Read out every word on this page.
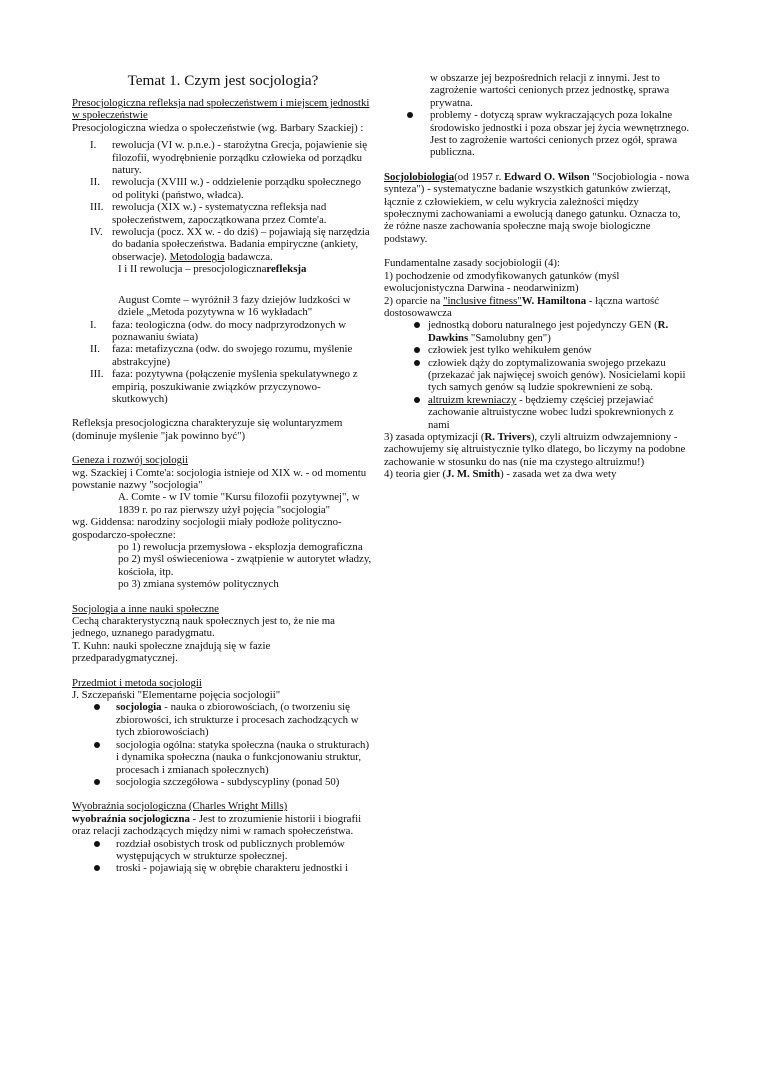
Temat 1. Czym jest socjologia?

Presocjologiczna refleksja nad społeczeństwem i miejscem jednostki w społeczeństwie

Presocjologiczna wiedza o społeczeństwie (wg. Barbary Szackiej) :

I.	rewolucja (VI w. p.n.e.) - starożytna Grecja, pojawienie się filozofii, wyodrębnienie porządku człowieka od porządku natury.
II.	rewolucja (XVIII w.) - oddzielenie porządku społecznego od polityki (państwo, władca).
III. rewolucja (XIX w.) - systematyczna refleksja nad społeczeństwem, zapoczątkowana przez Comte'a.
IV. rewolucja (pocz. XX w. - do dziś) – pojawiają się narzędzia do badania społeczeństwa. Badania empiryczne (ankiety, obserwacje). Metodologia badawcza.

I i II rewolucja – presocjologicznarefleksja

August Comte – wyróżnił 3 fazy dziejów ludzkości w dziele „Metoda pozytywna w 16 wykładach"

I.	faza: teologiczna (odw. do mocy nadprzyrodzonych w poznawaniu świata)
II.	faza: metafizyczna (odw. do swojego rozumu, myślenie abstrakcyjne)
III. faza: pozytywna (połączenie myślenia spekulatywnego z empirią, poszukiwanie związków przyczynowo-skutkowych)

Refleksja presocjologiczna charakteryzuje się woluntaryzmem (dominuje myślenie "jak powinno być")

Geneza i rozwój socjologii

wg. Szackiej i Comte'a: socjologia istnieje od XIX w. - od momentu powstanie nazwy "socjologia"

A. Comte - w IV tomie "Kursu filozofii pozytywnej", w 1839 r. po raz pierwszy użył pojęcia "socjologia"

wg. Giddensa: narodziny socjologii miały podłoże polityczno-gospodarczo-społeczne:

po 1) rewolucja przemysłowa - eksplozja demograficzna

po 2) myśl oświeceniowa - zwątpienie w autorytet władzy, kościoła, itp.

po 3) zmiana systemów politycznych

Socjologia a inne nauki społeczne

Cechą charakterystyczną nauk społecznych jest to, że nie ma jednego, uznanego paradygmatu.

T. Kuhn: nauki społeczne znajdują się w fazie przedparadygmatycznej.

Przedmiot i metoda socjologii

J. Szczepański "Elementarne pojęcia socjologii"

socjologia - nauka o zbiorowościach, (o tworzeniu się zbiorowości, ich strukturze i procesach zachodzących w tych zbiorowościach)
socjologia ogólna: statyka społeczna (nauka o strukturach) i dynamika społeczna (nauka o funkcjonowaniu struktur, procesach i zmianach społecznych)
socjologia szczegółowa - subdyscypliny (ponad 50)

Wyobraźnia socjologiczna (Charles Wright Mills)

wyobraźnia socjologiczna - Jest to zrozumienie historii i biografii oraz relacji zachodzących między nimi w ramach społeczeństwa.

rozdział osobistych trosk od publicznych problemów występujących w strukturze społecznej.
troski - pojawiają się w obrębie charakteru jednostki i

w obszarze jej bezpośrednich relacji z innymi. Jest to zagrożenie wartości cenionych przez jednostkę, sprawa prywatna.

problemy - dotyczą spraw wykraczających poza lokalne środowisko jednostki i poza obszar jej życia wewnętrznego. Jest to zagrożenie wartości cenionych przez ogół, sprawa publiczna.

Socjolobiologia(od 1957 r. Edward O. Wilson "Socjobiologia - nowa synteza") - systematyczne badanie wszystkich gatunków zwierząt, łącznie z człowiekiem, w celu wykrycia zależności między społecznymi zachowaniami a ewolucją danego gatunku. Oznacza to, że różne nasze zachowania społeczne mają swoje biologiczne podstawy.

Fundamentalne zasady socjobiologii (4):

1) pochodzenie od zmodyfikowanych gatunków (myśl ewolucjonistyczna Darwina - neodarwinizm)

2) oparcie na "inclusive fitness"W. Hamiltona - łączna wartość dostosowawcza

jednostką doboru naturalnego jest pojedynczy GEN (R. Dawkins "Samolubny gen")
człowiek jest tylko wehikułem genów
człowiek dąży do zoptymalizowania swojego przekazu (przekazać jak najwięcej swoich genów). Nosicielami kopii tych samych genów są ludzie spokrewnieni ze sobą.
altruizm krewniaczy - będziemy częściej przejawiać zachowanie altruistyczne wobec ludzi spokrewnionych z nami

3) zasada optymizacji (R. Trivers), czyli altruizm odwzajemniony - zachowujemy się altruistycznie tylko dlatego, bo liczymy na podobne zachowanie w stosunku do nas (nie ma czystego altruizmu!)

4) teoria gier (J. M. Smith) - zasada wet za dwa wety
